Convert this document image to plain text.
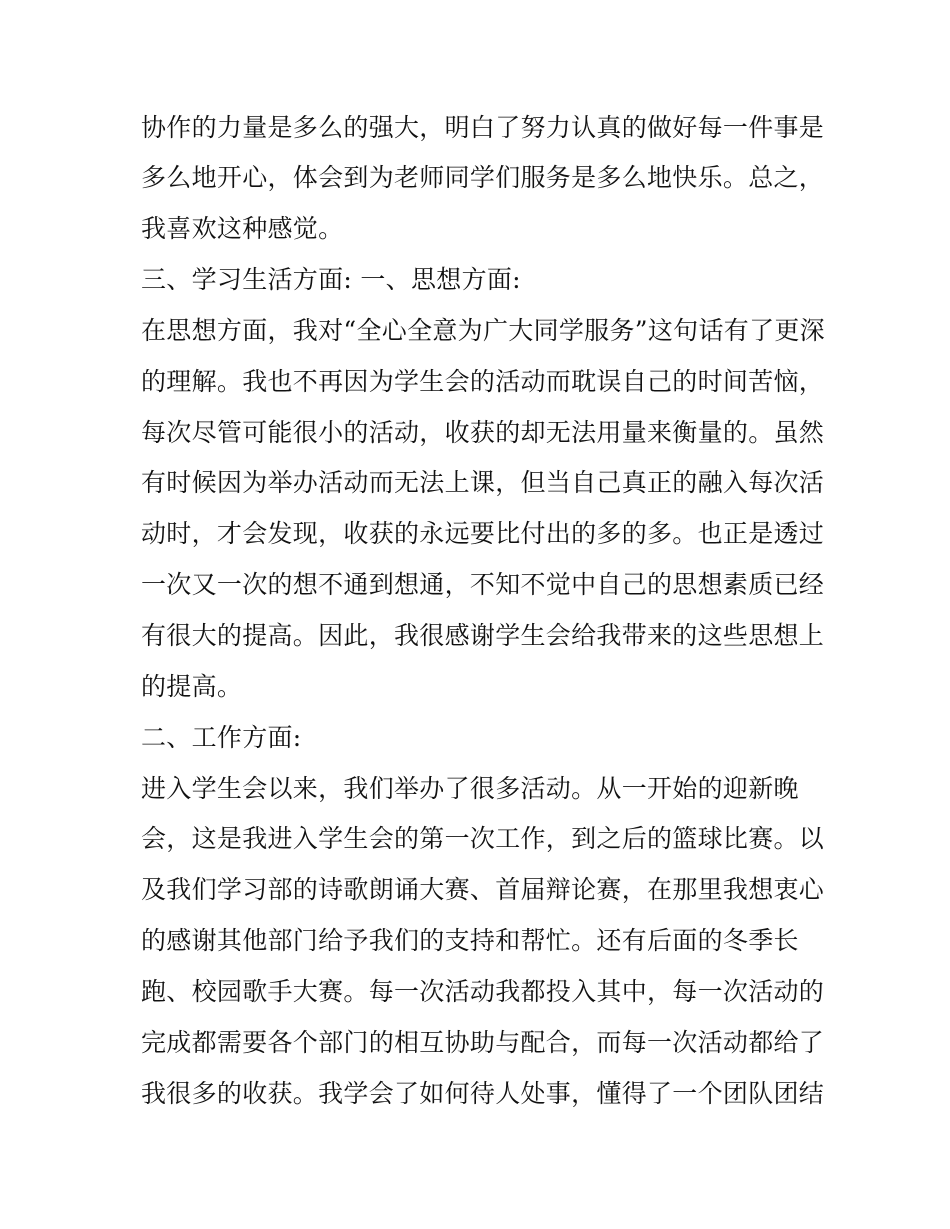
协作的力量是多么的强大，明白了努力认真的做好每一件事是
多么地开心，体会到为老师同学们服务是多么地快乐。总之，
我喜欢这种感觉。
三、学习生活方面: 一、思想方面:
在思想方面，我对“全心全意为广大同学服务”这句话有了更深
的理解。我也不再因为学生会的活动而耽误自己的时间苦恼，
每次尽管可能很小的活动，收获的却无法用量来衡量的。虽然
有时候因为举办活动而无法上课，但当自己真正的融入每次活
动时，才会发现，收获的永远要比付出的多的多。也正是透过
一次又一次的想不通到想通，不知不觉中自己的思想素质已经
有很大的提高。因此，我很感谢学生会给我带来的这些思想上
的提高。
二、工作方面:
进入学生会以来，我们举办了很多活动。从一开始的迎新晚
会，这是我进入学生会的第一次工作，到之后的篮球比赛。以
及我们学习部的诗歌朗诵大赛、首届辩论赛，在那里我想衷心
的感谢其他部门给予我们的支持和帮忙。还有后面的冬季长
跑、校园歌手大赛。每一次活动我都投入其中，每一次活动的
完成都需要各个部门的相互协助与配合，而每一次活动都给了
我很多的收获。我学会了如何待人处事，懂得了一个团队团结
